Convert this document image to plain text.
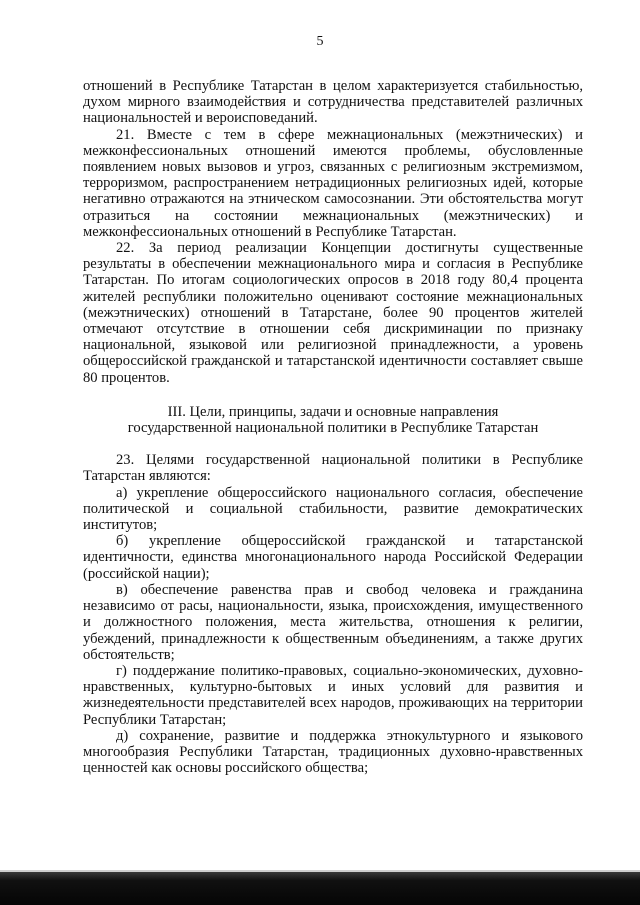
5

отношений в Республике Татарстан в целом характеризуется стабильностью, духом мирного взаимодействия и сотрудничества представителей различных национальностей и вероисповеданий.

21. Вместе с тем в сфере межнациональных (межэтнических) и межконфессиональных отношений имеются проблемы, обусловленные появлением новых вызовов и угроз, связанных с религиозным экстремизмом, терроризмом, распространением нетрадиционных религиозных идей, которые негативно отражаются на этническом самосознании. Эти обстоятельства могут отразиться на состоянии межнациональных (межэтнических) и межконфессиональных отношений в Республике Татарстан.

22. За период реализации Концепции достигнуты существенные результаты в обеспечении межнационального мира и согласия в Республике Татарстан. По итогам социологических опросов в 2018 году 80,4 процента жителей республики положительно оценивают состояние межнациональных (межэтнических) отношений в Татарстане, более 90 процентов жителей отмечают отсутствие в отношении себя дискриминации по признаку национальной, языковой или религиозной принадлежности, а уровень общероссийской гражданской и татарстанской идентичности составляет свыше 80 процентов.

III. Цели, принципы, задачи и основные направления
государственной национальной политики в Республике Татарстан

23. Целями государственной национальной политики в Республике Татарстан являются:

а) укрепление общероссийского национального согласия, обеспечение политической и социальной стабильности, развитие демократических институтов;

б) укрепление общероссийской гражданской и татарстанской идентичности, единства многонационального народа Российской Федерации (российской нации);

в) обеспечение равенства прав и свобод человека и гражданина независимо от расы, национальности, языка, происхождения, имущественного и должностного положения, места жительства, отношения к религии, убеждений, принадлежности к общественным объединениям, а также других обстоятельств;

г) поддержание политико-правовых, социально-экономических, духовно-нравственных, культурно-бытовых и иных условий для развития и жизнедеятельности представителей всех народов, проживающих на территории Республики Татарстан;

д) сохранение, развитие и поддержка этнокультурного и языкового многообразия Республики Татарстан, традиционных духовно-нравственных ценностей как основы российского общества;
